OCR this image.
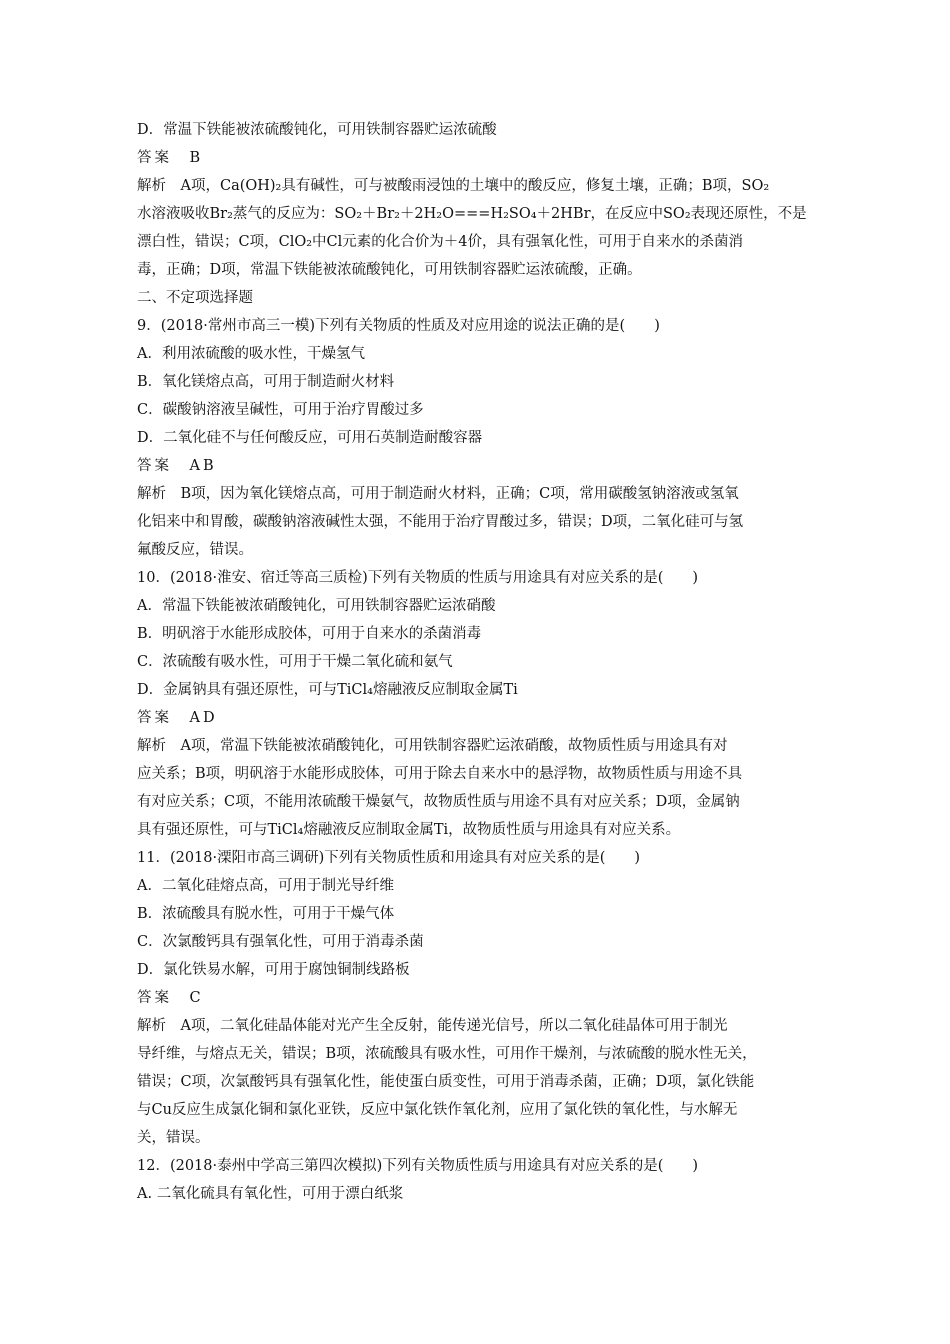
D．常温下铁能被浓硫酸钝化，可用铁制容器贮运浓硫酸
答案　B
解析　A项，Ca(OH)₂具有碱性，可与被酸雨浸蚀的土壤中的酸反应，修复土壤，正确；B项，SO₂
水溶液吸收Br₂蒸气的反应为：SO₂＋Br₂＋2H₂O===H₂SO₄＋2HBr，在反应中SO₂表现还原性，不是
漂白性，错误；C项，ClO₂中Cl元素的化合价为＋4价，具有强氧化性，可用于自来水的杀菌消
毒，正确；D项，常温下铁能被浓硫酸钝化，可用铁制容器贮运浓硫酸，正确。
二、不定项选择题
9．(2018·常州市高三一模)下列有关物质的性质及对应用途的说法正确的是(　　)
A．利用浓硫酸的吸水性，干燥氢气
B．氧化镁熔点高，可用于制造耐火材料
C．碳酸钠溶液呈碱性，可用于治疗胃酸过多
D．二氧化硅不与任何酸反应，可用石英制造耐酸容器
答案　AB
解析　B项，因为氧化镁熔点高，可用于制造耐火材料，正确；C项，常用碳酸氢钠溶液或氢氧
化铝来中和胃酸，碳酸钠溶液碱性太强，不能用于治疗胃酸过多，错误；D项，二氧化硅可与氢
氟酸反应，错误。
10．(2018·淮安、宿迁等高三质检)下列有关物质的性质与用途具有对应关系的是(　　)
A．常温下铁能被浓硝酸钝化，可用铁制容器贮运浓硝酸
B．明矾溶于水能形成胶体，可用于自来水的杀菌消毒
C．浓硫酸有吸水性，可用于干燥二氧化硫和氨气
D．金属钠具有强还原性，可与TiCl₄熔融液反应制取金属Ti
答案　AD
解析　A项，常温下铁能被浓硝酸钝化，可用铁制容器贮运浓硝酸，故物质性质与用途具有对
应关系；B项，明矾溶于水能形成胶体，可用于除去自来水中的悬浮物，故物质性质与用途不具
有对应关系；C项，不能用浓硫酸干燥氨气，故物质性质与用途不具有对应关系；D项，金属钠
具有强还原性，可与TiCl₄熔融液反应制取金属Ti，故物质性质与用途具有对应关系。
11．(2018·溧阳市高三调研)下列有关物质性质和用途具有对应关系的是(　　)
A．二氧化硅熔点高，可用于制光导纤维
B．浓硫酸具有脱水性，可用于干燥气体
C．次氯酸钙具有强氧化性，可用于消毒杀菌
D．氯化铁易水解，可用于腐蚀铜制线路板
答案　C
解析　A项，二氧化硅晶体能对光产生全反射，能传递光信号，所以二氧化硅晶体可用于制光
导纤维，与熔点无关，错误；B项，浓硫酸具有吸水性，可用作干燥剂，与浓硫酸的脱水性无关，
错误；C项，次氯酸钙具有强氧化性，能使蛋白质变性，可用于消毒杀菌，正确；D项，氯化铁能
与Cu反应生成氯化铜和氯化亚铁，反应中氯化铁作氧化剂，应用了氯化铁的氧化性，与水解无
关，错误。
12．(2018·泰州中学高三第四次模拟)下列有关物质性质与用途具有对应关系的是(　　)
A. 二氧化硫具有氧化性，可用于漂白纸浆
